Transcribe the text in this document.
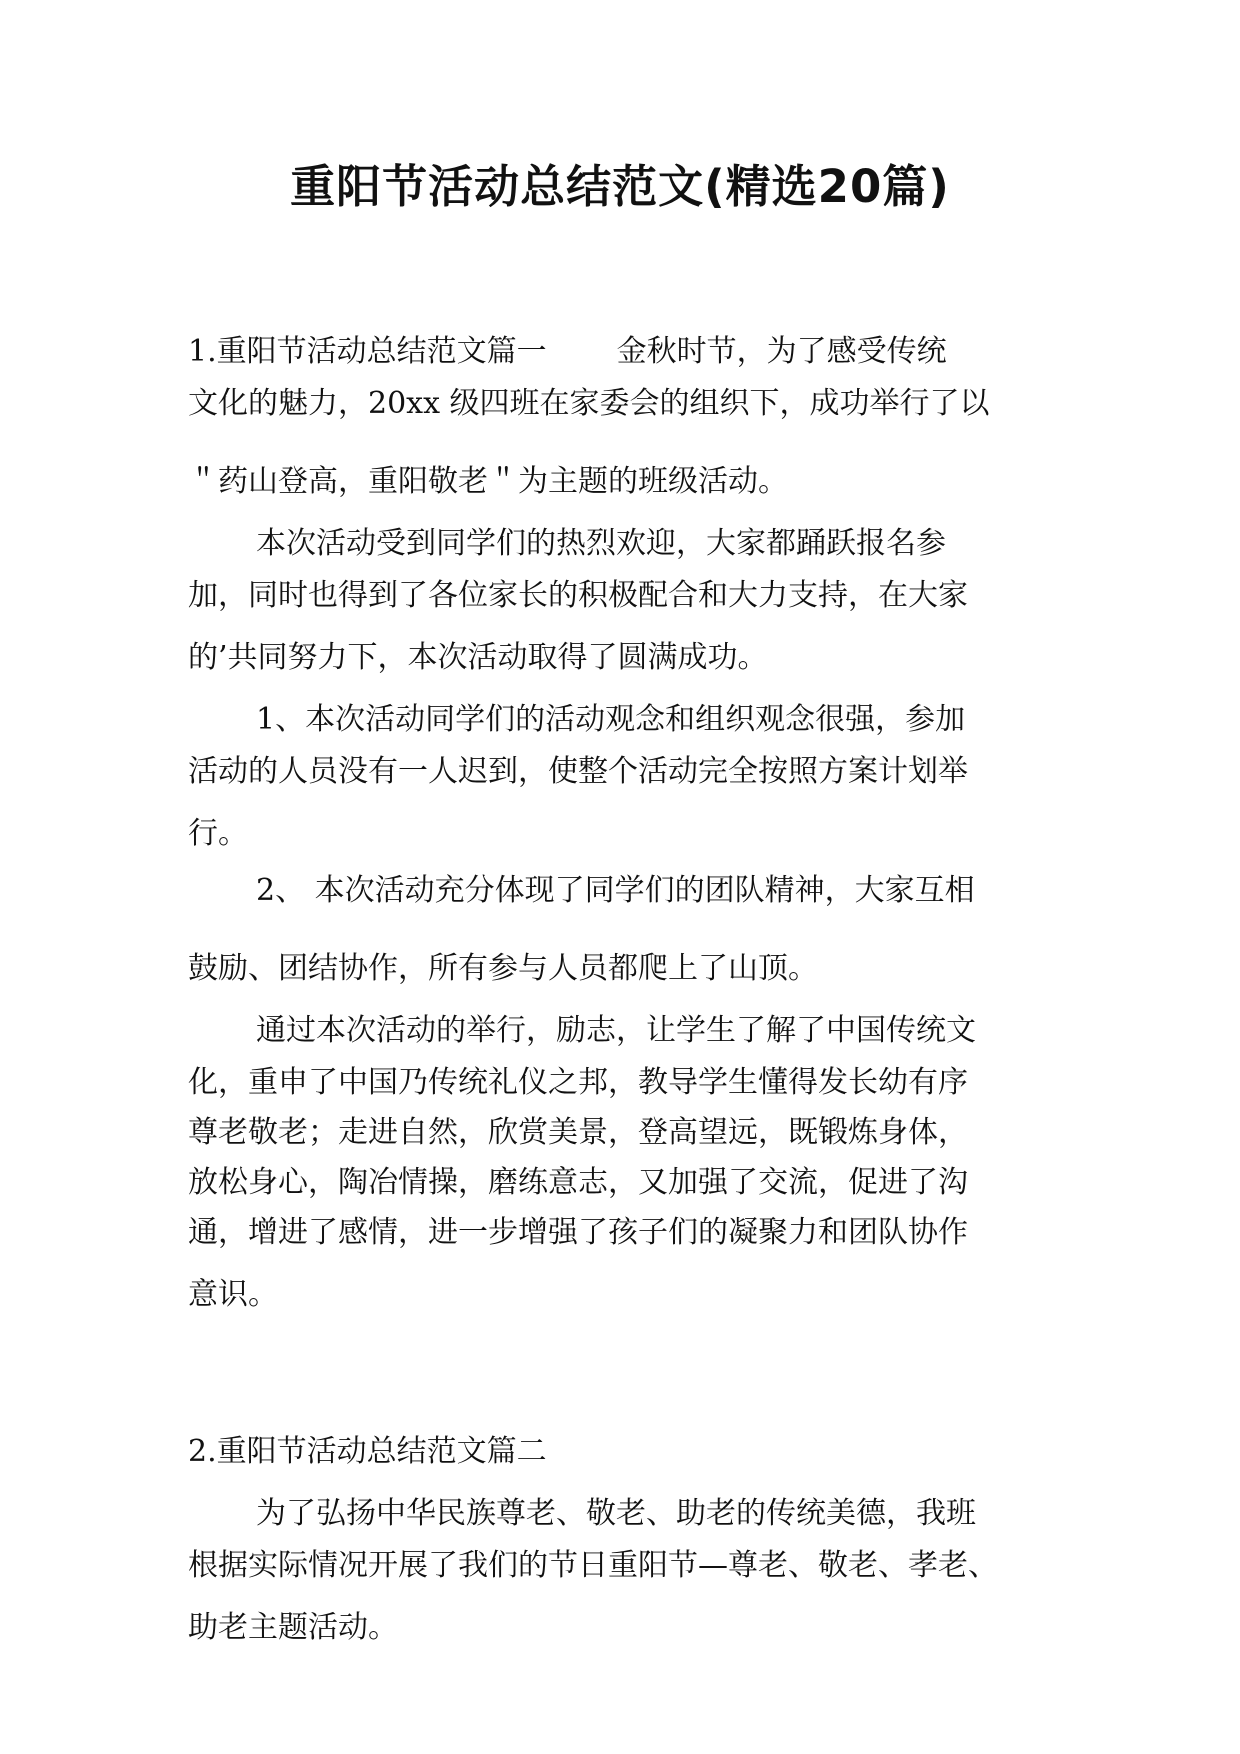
重阳节活动总结范文(精选20篇)

1.重阳节活动总结范文篇一 金秋时节，为了感受传统

文化的魅力，20xx 级四班在家委会的组织下，成功举行了以

＂药山登高，重阳敬老＂为主题的班级活动。

本次活动受到同学们的热烈欢迎，大家都踊跃报名参

加，同时也得到了各位家长的积极配合和大力支持，在大家

的’共同努力下，本次活动取得了圆满成功。

1、本次活动同学们的活动观念和组织观念很强，参加

活动的人员没有一人迟到，使整个活动完全按照方案计划举

行。

2、 本次活动充分体现了同学们的团队精神，大家互相

鼓励、团结协作，所有参与人员都爬上了山顶。

通过本次活动的举行，励志，让学生了解了中国传统文

化，重申了中国乃传统礼仪之邦，教导学生懂得发长幼有序

尊老敬老；走进自然，欣赏美景，登高望远，既锻炼身体，

放松身心，陶冶情操，磨练意志，又加强了交流，促进了沟

通，增进了感情，进一步增强了孩子们的凝聚力和团队协作

意识。

2.重阳节活动总结范文篇二

为了弘扬中华民族尊老、敬老、助老的传统美德，我班

根据实际情况开展了我们的节日重阳节—尊老、敬老、孝老、

助老主题活动。
